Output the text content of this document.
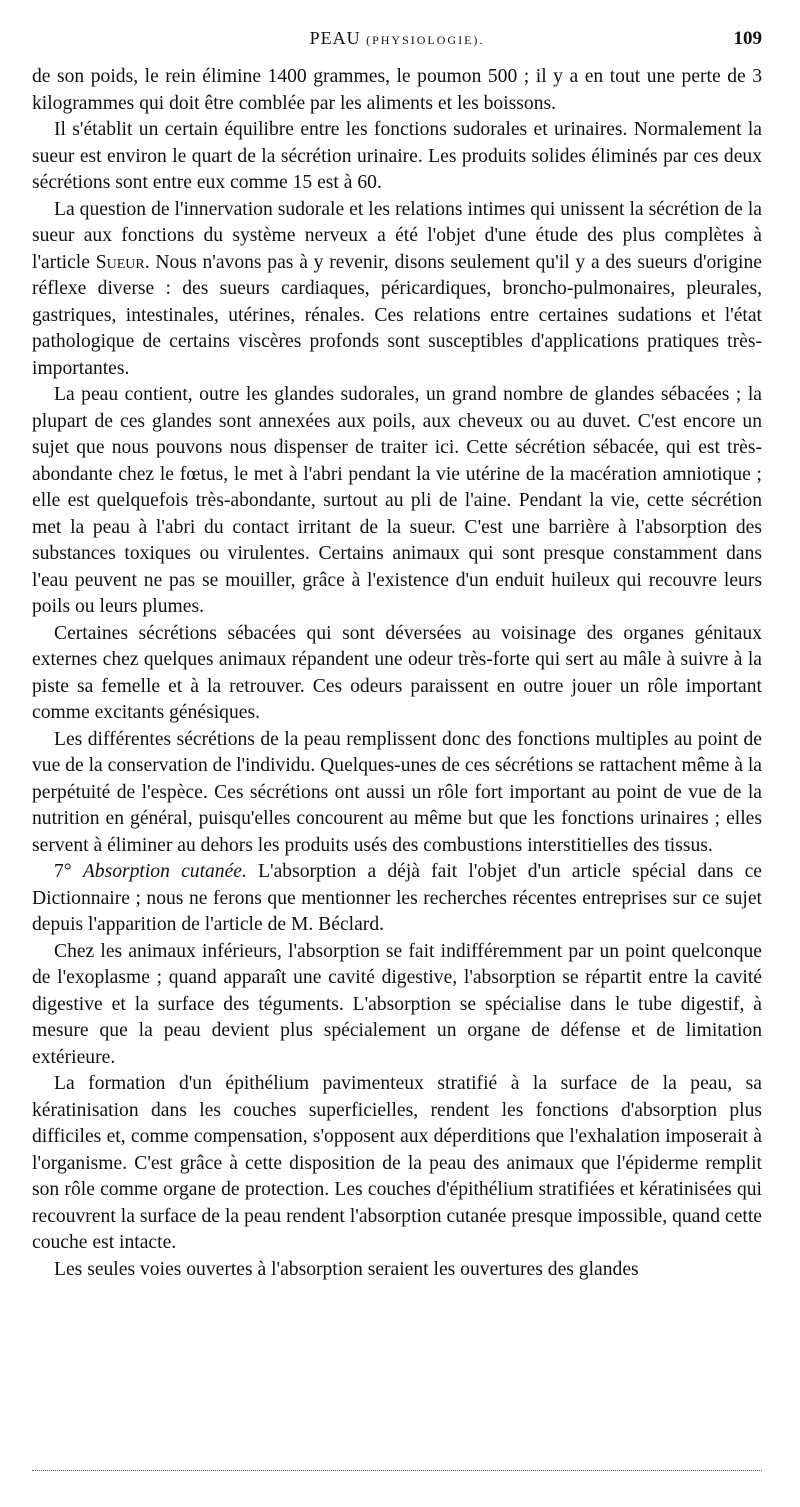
PEAU (PHYSIOLOGIE).	109

de son poids, le rein élimine 1400 grammes, le poumon 500 ; il y a en tout une perte de 3 kilogrammes qui doit être comblée par les aliments et les boissons.

Il s'établit un certain équilibre entre les fonctions sudorales et urinaires. Normalement la sueur est environ le quart de la sécrétion urinaire. Les produits solides éliminés par ces deux sécrétions sont entre eux comme 15 est à 60.

La question de l'innervation sudorale et les relations intimes qui unissent la sécrétion de la sueur aux fonctions du système nerveux a été l'objet d'une étude des plus complètes à l'article Sueur. Nous n'avons pas à y revenir, disons seulement qu'il y a des sueurs d'origine réflexe diverse : des sueurs cardiaques, péricardiques, broncho-pulmonaires, pleurales, gastriques, intestinales, utérines, rénales. Ces relations entre certaines sudations et l'état pathologique de certains viscères profonds sont susceptibles d'applications pratiques très-importantes.

La peau contient, outre les glandes sudorales, un grand nombre de glandes sébacées ; la plupart de ces glandes sont annexées aux poils, aux cheveux ou au duvet. C'est encore un sujet que nous pouvons nous dispenser de traiter ici. Cette sécrétion sébacée, qui est très-abondante chez le fœtus, le met à l'abri pendant la vie utérine de la macération amniotique ; elle est quelquefois très-abondante, surtout au pli de l'aine. Pendant la vie, cette sécrétion met la peau à l'abri du contact irritant de la sueur. C'est une barrière à l'absorption des substances toxiques ou virulentes. Certains animaux qui sont presque constamment dans l'eau peuvent ne pas se mouiller, grâce à l'existence d'un enduit huileux qui recouvre leurs poils ou leurs plumes.

Certaines sécrétions sébacées qui sont déversées au voisinage des organes génitaux externes chez quelques animaux répandent une odeur très-forte qui sert au mâle à suivre à la piste sa femelle et à la retrouver. Ces odeurs paraissent en outre jouer un rôle important comme excitants génésiques.

Les différentes sécrétions de la peau remplissent donc des fonctions multiples au point de vue de la conservation de l'individu. Quelques-unes de ces sécrétions se rattachent même à la perpétuité de l'espèce. Ces sécrétions ont aussi un rôle fort important au point de vue de la nutrition en général, puisqu'elles concourent au même but que les fonctions urinaires ; elles servent à éliminer au dehors les produits usés des combustions interstitielles des tissus.

7° Absorption cutanée. L'absorption a déjà fait l'objet d'un article spécial dans ce Dictionnaire ; nous ne ferons que mentionner les recherches récentes entreprises sur ce sujet depuis l'apparition de l'article de M. Béclard.

Chez les animaux inférieurs, l'absorption se fait indifféremment par un point quelconque de l'exoplasme ; quand apparaît une cavité digestive, l'absorption se répartit entre la cavité digestive et la surface des téguments. L'absorption se spécialise dans le tube digestif, à mesure que la peau devient plus spécialement un organe de défense et de limitation extérieure.

La formation d'un épithélium pavimenteux stratifié à la surface de la peau, sa kératinisation dans les couches superficielles, rendent les fonctions d'absorption plus difficiles et, comme compensation, s'opposent aux déperditions que l'exhalation imposerait à l'organisme. C'est grâce à cette disposition de la peau des animaux que l'épiderme remplit son rôle comme organe de protection. Les couches d'épithélium stratifiées et kératinisées qui recouvrent la surface de la peau rendent l'absorption cutanée presque impossible, quand cette couche est intacte.

Les seules voies ouvertes à l'absorption seraient les ouvertures des glandes
